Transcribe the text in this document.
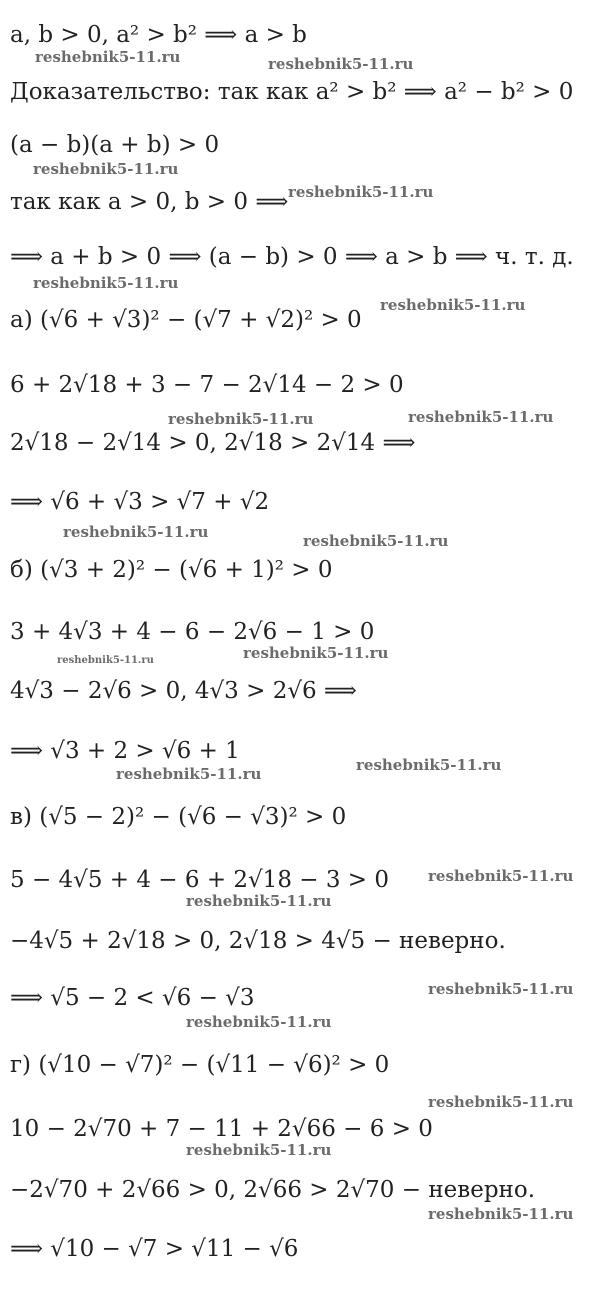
a, b > 0, a² > b² ⟹ a > b
Доказательство: так как a² > b² ⟹ a² − b² > 0
(a − b)(a + b) > 0
так как a > 0, b > 0 ⟹
⟹ a + b > 0 ⟹ (a − b) > 0 ⟹ a > b ⟹ ч. т. д.
а) (√6 + √3)² − (√7 + √2)² > 0
6 + 2√18 + 3 − 7 − 2√14 − 2 > 0
2√18 − 2√14 > 0, 2√18 > 2√14 ⟹
⟹ √6 + √3 > √7 + √2
б) (√3 + 2)² − (√6 + 1)² > 0
3 + 4√3 + 4 − 6 − 2√6 − 1 > 0
4√3 − 2√6 > 0, 4√3 > 2√6 ⟹
⟹ √3 + 2 > √6 + 1
в) (√5 − 2)² − (√6 − √3)² > 0
5 − 4√5 + 4 − 6 + 2√18 − 3 > 0
−4√5 + 2√18 > 0, 2√18 > 4√5 − неверно.
⟹ √5 − 2 < √6 − √3
г) (√10 − √7)² − (√11 − √6)² > 0
10 − 2√70 + 7 − 11 + 2√66 − 6 > 0
−2√70 + 2√66 > 0, 2√66 > 2√70 − неверно.
⟹ √10 − √7 > √11 − √6
reshebnik5-11.ru	reshebnik5-11.ru
reshebnik5-11.ru
reshebnik5-11.ru
reshebnik5-11.ru
reshebnik5-11.ru
reshebnik5-11.ru	reshebnik5-11.ru
reshebnik5-11.ru	reshebnik5-11.ru
reshebnik5-11.ru	reshebnik5-11.ru
reshebnik5-11.ru	reshebnik5-11.ru
reshebnik5-11.ru
reshebnik5-11.ru
reshebnik5-11.ru
reshebnik5-11.ru
reshebnik5-11.ru
reshebnik5-11.ru
reshebnik5-11.ru
